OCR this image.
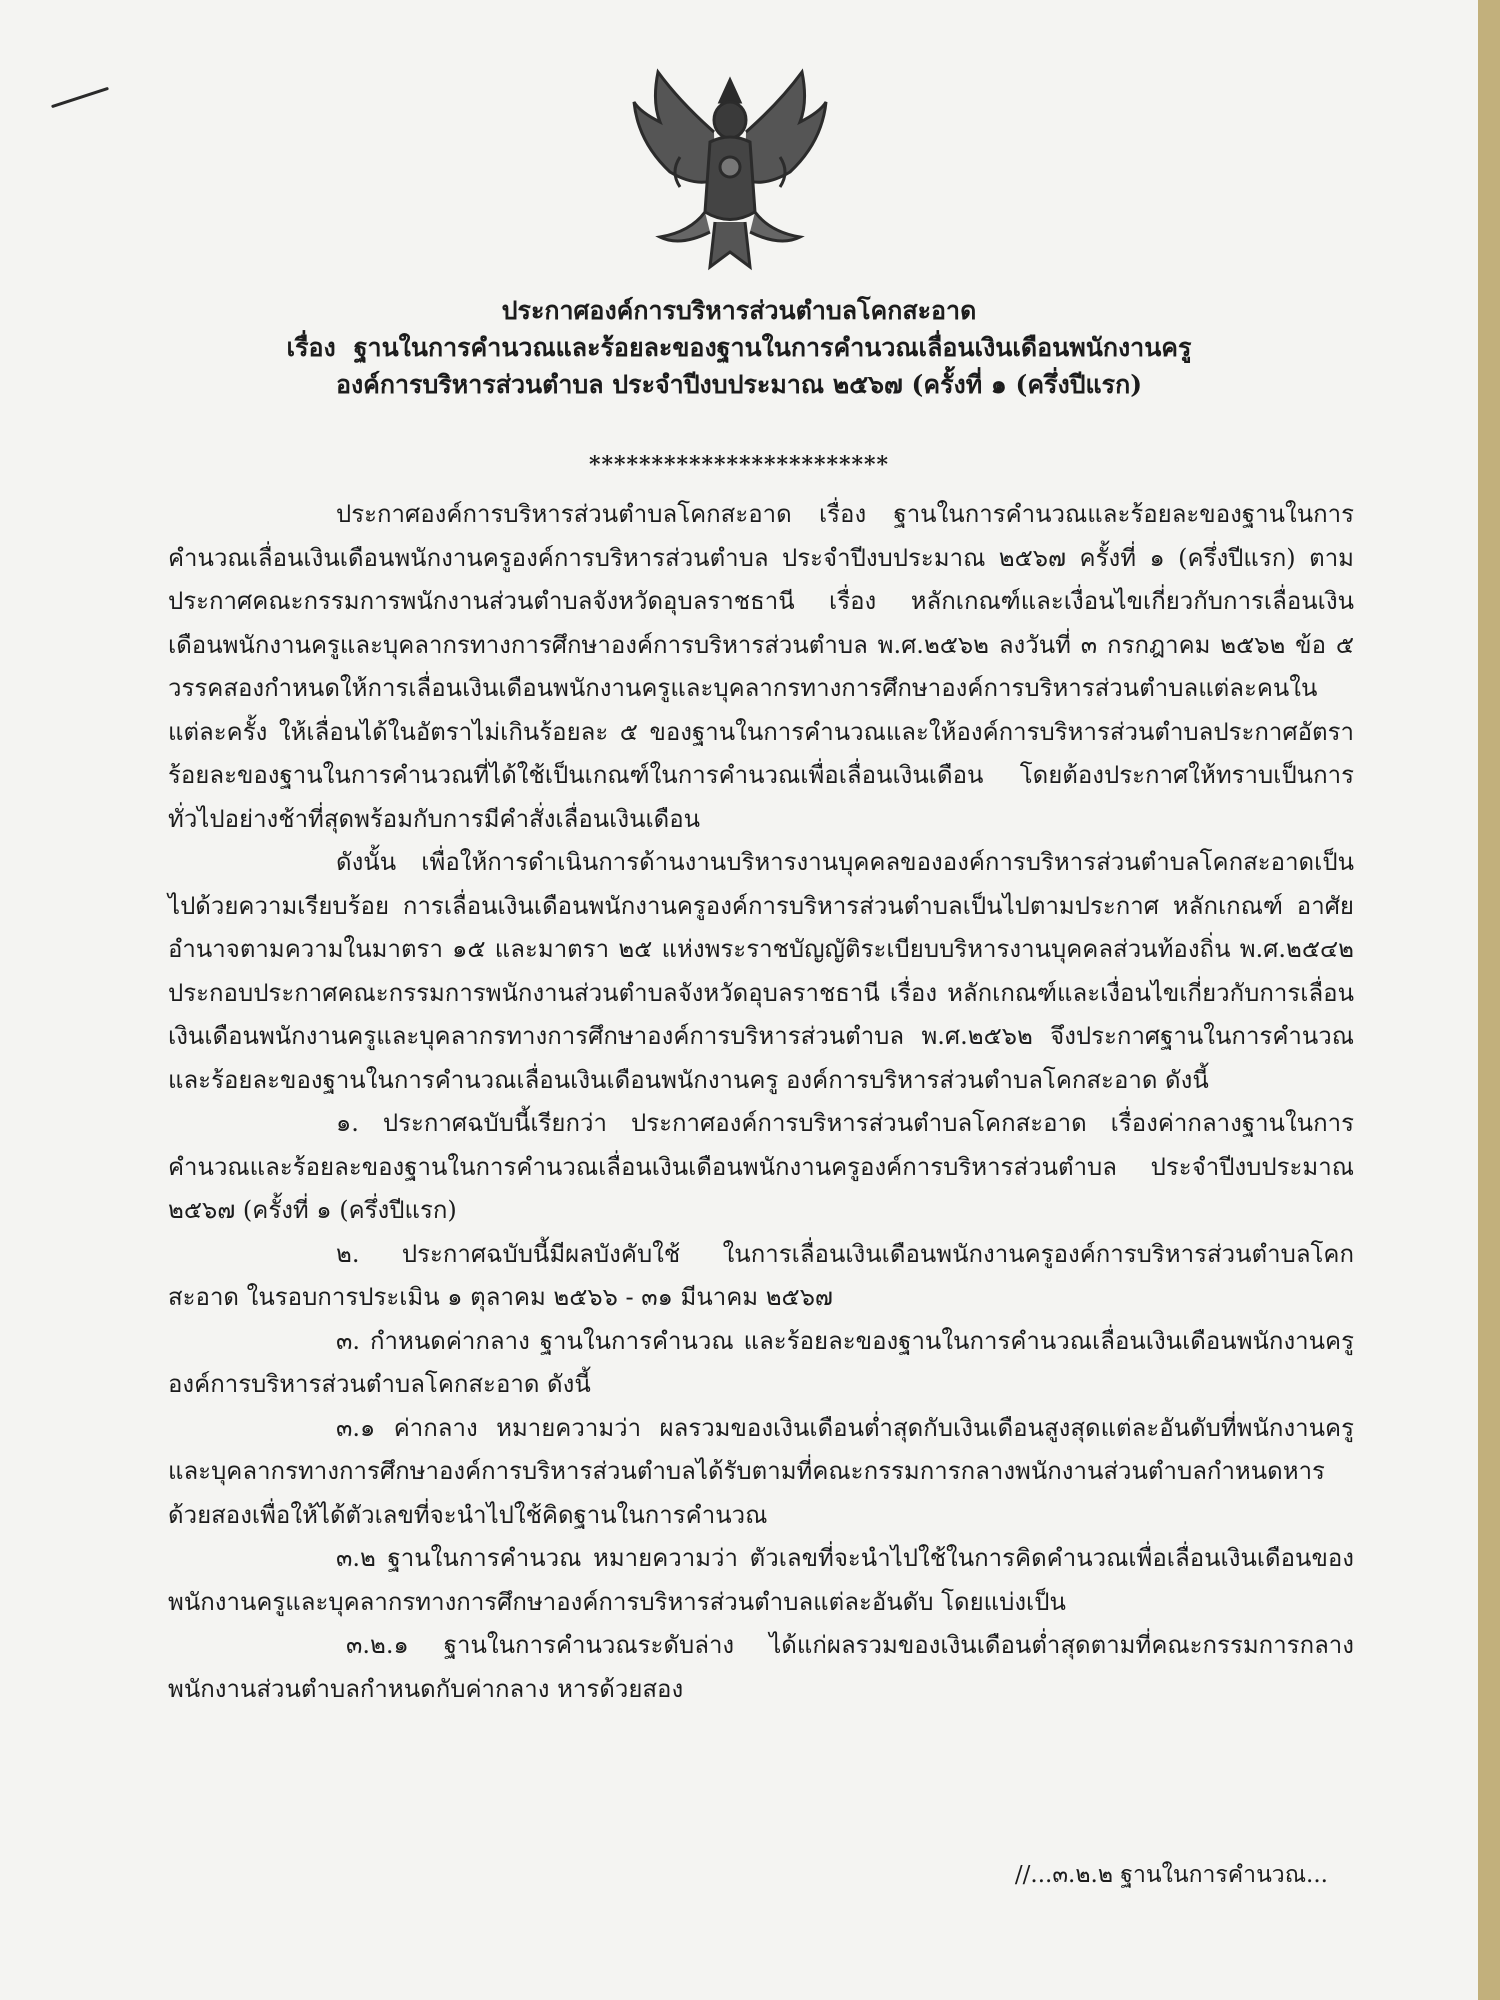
ประกาศองค์การบริหารส่วนตำบลโคกสะอาด
เรื่อง ฐานในการคำนวณและร้อยละของฐานในการคำนวณเลื่อนเงินเดือนพนักงานครู
องค์การบริหารส่วนตำบล ประจำปีงบประมาณ ๒๕๖๗ (ครั้งที่ ๑ (ครึ่งปีแรก)
************************

ประกาศองค์การบริหารส่วนตำบลโคกสะอาด เรื่อง ฐานในการคำนวณและร้อยละของฐานในการคำนวณเลื่อนเงินเดือนพนักงานครูองค์การบริหารส่วนตำบล ประจำปีงบประมาณ ๒๕๖๗ ครั้งที่ ๑ (ครึ่งปีแรก) ตามประกาศคณะกรรมการพนักงานส่วนตำบลจังหวัดอุบลราชธานี เรื่อง หลักเกณฑ์และเงื่อนไขเกี่ยวกับการเลื่อนเงินเดือนพนักงานครูและบุคลากรทางการศึกษาองค์การบริหารส่วนตำบล พ.ศ.๒๕๖๒ ลงวันที่ ๓ กรกฎาคม ๒๕๖๒ ข้อ ๕ วรรคสองกำหนดให้การเลื่อนเงินเดือนพนักงานครูและบุคลากรทางการศึกษาองค์การบริหารส่วนตำบลแต่ละคนในแต่ละครั้ง ให้เลื่อนได้ในอัตราไม่เกินร้อยละ ๕ ของฐานในการคำนวณและให้องค์การบริหารส่วนตำบลประกาศอัตราร้อยละของฐานในการคำนวณที่ได้ใช้เป็นเกณฑ์ในการคำนวณเพื่อเลื่อนเงินเดือน โดยต้องประกาศให้ทราบเป็นการทั่วไปอย่างช้าที่สุดพร้อมกับการมีคำสั่งเลื่อนเงินเดือน

ดังนั้น เพื่อให้การดำเนินการด้านงานบริหารงานบุคคลขององค์การบริหารส่วนตำบลโคกสะอาดเป็นไปด้วยความเรียบร้อย การเลื่อนเงินเดือนพนักงานครูองค์การบริหารส่วนตำบลเป็นไปตามประกาศ หลักเกณฑ์ อาศัยอำนาจตามความในมาตรา ๑๕ และมาตรา ๒๕ แห่งพระราชบัญญัติระเบียบบริหารงานบุคคลส่วนท้องถิ่น พ.ศ.๒๕๔๒ ประกอบประกาศคณะกรรมการพนักงานส่วนตำบลจังหวัดอุบลราชธานี เรื่อง หลักเกณฑ์และเงื่อนไขเกี่ยวกับการเลื่อนเงินเดือนพนักงานครูและบุคลากรทางการศึกษาองค์การบริหารส่วนตำบล พ.ศ.๒๕๖๒ จึงประกาศฐานในการคำนวณและร้อยละของฐานในการคำนวณเลื่อนเงินเดือนพนักงานครู องค์การบริหารส่วนตำบลโคกสะอาด ดังนี้

๑. ประกาศฉบับนี้เรียกว่า ประกาศองค์การบริหารส่วนตำบลโคกสะอาด เรื่องค่ากลางฐานในการคำนวณและร้อยละของฐานในการคำนวณเลื่อนเงินเดือนพนักงานครูองค์การบริหารส่วนตำบล ประจำปีงบประมาณ ๒๕๖๗ (ครั้งที่ ๑ (ครึ่งปีแรก)

๒. ประกาศฉบับนี้มีผลบังคับใช้ ในการเลื่อนเงินเดือนพนักงานครูองค์การบริหารส่วนตำบลโคกสะอาด ในรอบการประเมิน ๑ ตุลาคม ๒๕๖๖ - ๓๑ มีนาคม ๒๕๖๗

๓. กำหนดค่ากลาง ฐานในการคำนวณ และร้อยละของฐานในการคำนวณเลื่อนเงินเดือนพนักงานครู องค์การบริหารส่วนตำบลโคกสะอาด ดังนี้

๓.๑ ค่ากลาง หมายความว่า ผลรวมของเงินเดือนต่ำสุดกับเงินเดือนสูงสุดแต่ละอันดับที่พนักงานครูและบุคลากรทางการศึกษาองค์การบริหารส่วนตำบลได้รับตามที่คณะกรรมการกลางพนักงานส่วนตำบลกำหนดหารด้วยสองเพื่อให้ได้ตัวเลขที่จะนำไปใช้คิดฐานในการคำนวณ

๓.๒ ฐานในการคำนวณ หมายความว่า ตัวเลขที่จะนำไปใช้ในการคิดคำนวณเพื่อเลื่อนเงินเดือนของพนักงานครูและบุคลากรทางการศึกษาองค์การบริหารส่วนตำบลแต่ละอันดับ โดยแบ่งเป็น

๓.๒.๑ ฐานในการคำนวณระดับล่าง ได้แก่ผลรวมของเงินเดือนต่ำสุดตามที่คณะกรรมการกลางพนักงานส่วนตำบลกำหนดกับค่ากลาง หารด้วยสอง

//...๓.๒.๒ ฐานในการคำนวณ...
